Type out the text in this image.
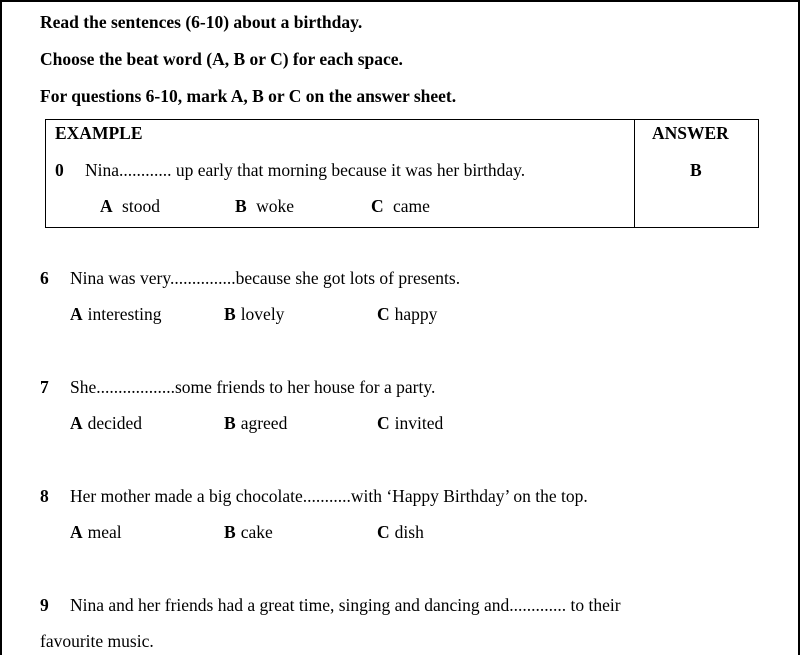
Read the sentences (6-10) about a birthday.
Choose the beat word (A, B or C) for each space.
For questions 6-10, mark A, B or C on the answer sheet.
EXAMPLE	ANSWER
0 Nina............ up early that morning because it was her birthday.	B
A stood	B woke	C came
6 Nina was very...............because she got lots of presents.
A interesting	B lovely	C happy
7 She..................some friends to her house for a party.
A decided	B agreed	C invited
8 Her mother made a big chocolate...........with ‘Happy Birthday’ on the top.
A meal	B cake	C dish
9 Nina and her friends had a great time, singing and dancing and............. to their
favourite music.
